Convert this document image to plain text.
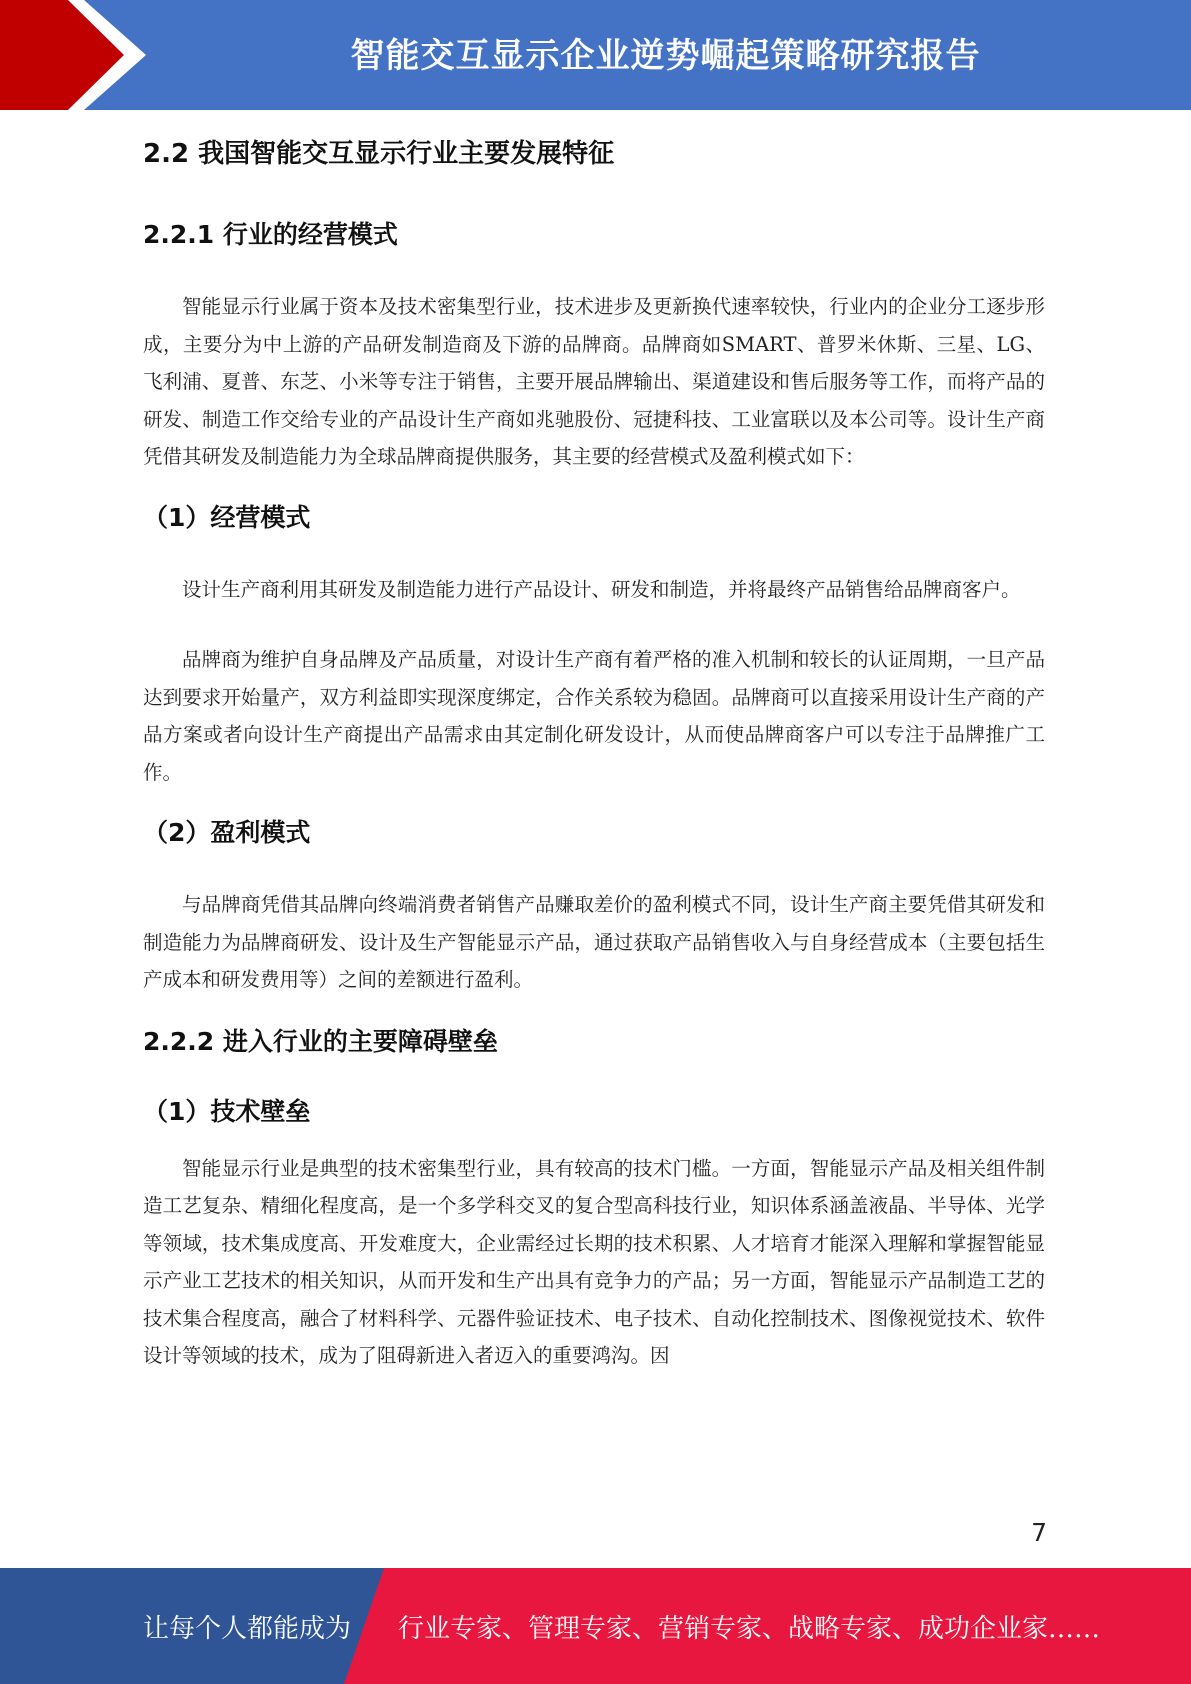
智能交互显示企业逆势崛起策略研究报告
2.2 我国智能交互显示行业主要发展特征
2.2.1 行业的经营模式

智能显示行业属于资本及技术密集型行业，技术进步及更新换代速率较快，行业内的企业分工逐步形成，主要分为中上游的产品研发制造商及下游的品牌商。品牌商如SMART、普罗米休斯、三星、LG、飞利浦、夏普、东芝、小米等专注于销售，主要开展品牌输出、渠道建设和售后服务等工作，而将产品的研发、制造工作交给专业的产品设计生产商如兆驰股份、冠捷科技、工业富联以及本公司等。设计生产商凭借其研发及制造能力为全球品牌商提供服务，其主要的经营模式及盈利模式如下：

（1）经营模式

设计生产商利用其研发及制造能力进行产品设计、研发和制造，并将最终产品销售给品牌商客户。

品牌商为维护自身品牌及产品质量，对设计生产商有着严格的准入机制和较长的认证周期，一旦产品达到要求开始量产，双方利益即实现深度绑定，合作关系较为稳固。品牌商可以直接采用设计生产商的产品方案或者向设计生产商提出产品需求由其定制化研发设计，从而使品牌商客户可以专注于品牌推广工作。

（2）盈利模式

与品牌商凭借其品牌向终端消费者销售产品赚取差价的盈利模式不同，设计生产商主要凭借其研发和制造能力为品牌商研发、设计及生产智能显示产品，通过获取产品销售收入与自身经营成本（主要包括生产成本和研发费用等）之间的差额进行盈利。

2.2.2 进入行业的主要障碍壁垒
（1）技术壁垒

智能显示行业是典型的技术密集型行业，具有较高的技术门槛。一方面，智能显示产品及相关组件制造工艺复杂、精细化程度高，是一个多学科交叉的复合型高科技行业，知识体系涵盖液晶、半导体、光学等领域，技术集成度高、开发难度大，企业需经过长期的技术积累、人才培育才能深入理解和掌握智能显示产业工艺技术的相关知识，从而开发和生产出具有竞争力的产品；另一方面，智能显示产品制造工艺的技术集合程度高，融合了材料科学、元器件验证技术、电子技术、自动化控制技术、图像视觉技术、软件设计等领域的技术，成为了阻碍新进入者迈入的重要鸿沟。因

7
让每个人都能成为 行业专家、管理专家、营销专家、战略专家、成功企业家……
